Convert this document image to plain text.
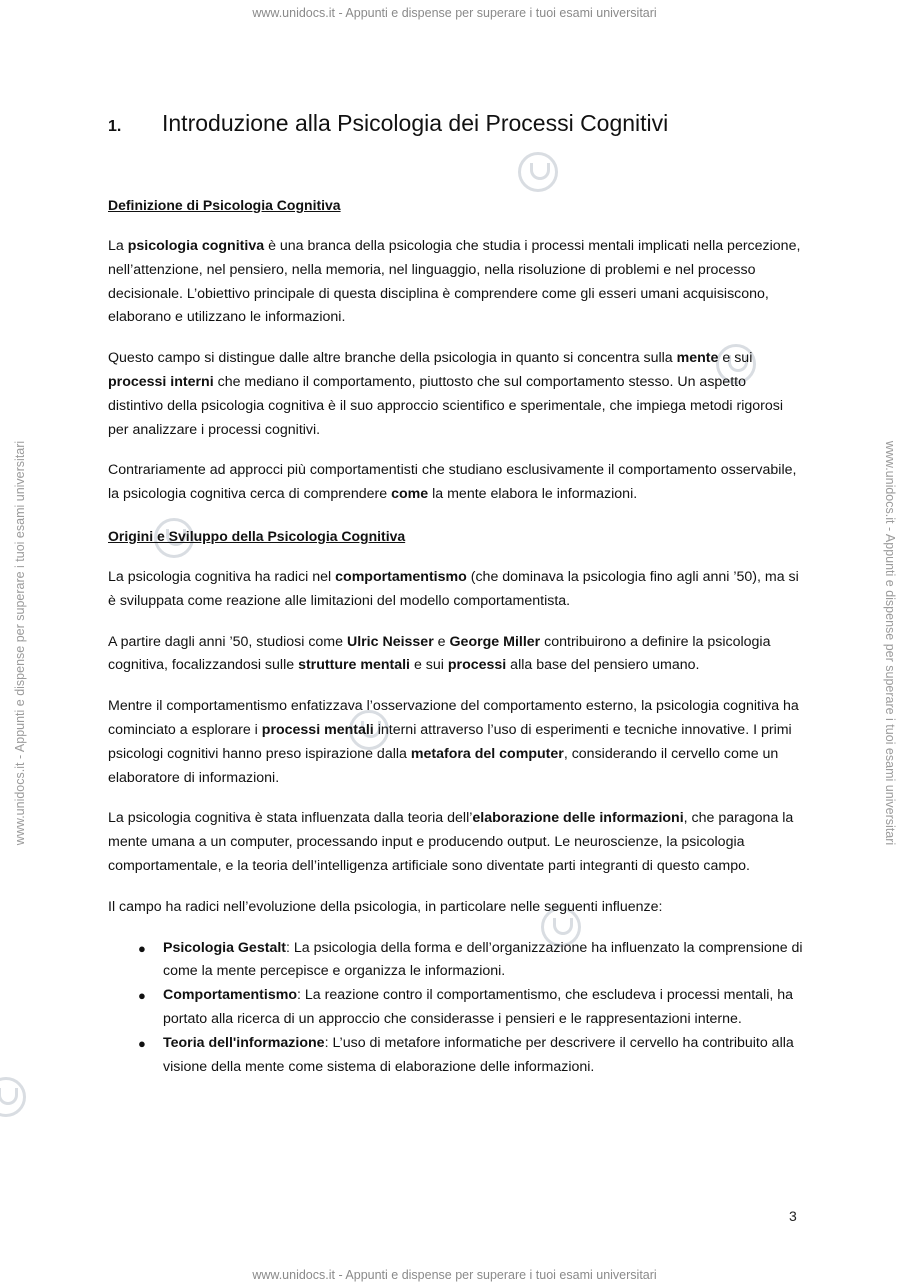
www.unidocs.it - Appunti e dispense per superare i tuoi esami universitari
www.unidocs.it - Appunti e dispense per superare i tuoi esami universitari
www.unidocs.it - Appunti e dispense per superare i tuoi esami universitari	www.unidocs.it - Appunti e dispense per superare i tuoi esami universitari
1.	Introduzione alla Psicologia dei Processi Cognitivi
Definizione di Psicologia Cognitiva

La psicologia cognitiva è una branca della psicologia che studia i processi mentali implicati nella percezione, nell’attenzione, nel pensiero, nella memoria, nel linguaggio, nella risoluzione di problemi e nel processo decisionale. L’obiettivo principale di questa disciplina è comprendere come gli esseri umani acquisiscono, elaborano e utilizzano le informazioni.

Questo campo si distingue dalle altre branche della psicologia in quanto si concentra sulla mente e sui processi interni che mediano il comportamento, piuttosto che sul comportamento stesso. Un aspetto distintivo della psicologia cognitiva è il suo approccio scientifico e sperimentale, che impiega metodi rigorosi per analizzare i processi cognitivi.

Contrariamente ad approcci più comportamentisti che studiano esclusivamente il comportamento osservabile, la psicologia cognitiva cerca di comprendere come la mente elabora le informazioni.

Origini e Sviluppo della Psicologia Cognitiva

La psicologia cognitiva ha radici nel comportamentismo (che dominava la psicologia fino agli anni ’50), ma si è sviluppata come reazione alle limitazioni del modello comportamentista.

A partire dagli anni ’50, studiosi come Ulric Neisser e George Miller contribuirono a definire la psicologia cognitiva, focalizzandosi sulle strutture mentali e sui processi alla base del pensiero umano.

Mentre il comportamentismo enfatizzava l’osservazione del comportamento esterno, la psicologia cognitiva ha cominciato a esplorare i processi mentali interni attraverso l’uso di esperimenti e tecniche innovative. I primi psicologi cognitivi hanno preso ispirazione dalla metafora del computer, considerando il cervello come un elaboratore di informazioni.

La psicologia cognitiva è stata influenzata dalla teoria dell’elaborazione delle informazioni, che paragona la mente umana a un computer, processando input e producendo output. Le neuroscienze, la psicologia comportamentale, e la teoria dell’intelligenza artificiale sono diventate parti integranti di questo campo.

Il campo ha radici nell’evoluzione della psicologia, in particolare nelle seguenti influenze:

● Psicologia Gestalt: La psicologia della forma e dell’organizzazione ha influenzato la comprensione di come la mente percepisce e organizza le informazioni.
● Comportamentismo: La reazione contro il comportamentismo, che escludeva i processi mentali, ha portato alla ricerca di un approccio che considerasse i pensieri e le rappresentazioni interne.
● Teoria dell'informazione: L’uso di metafore informatiche per descrivere il cervello ha contribuito alla visione della mente come sistema di elaborazione delle informazioni.
3
